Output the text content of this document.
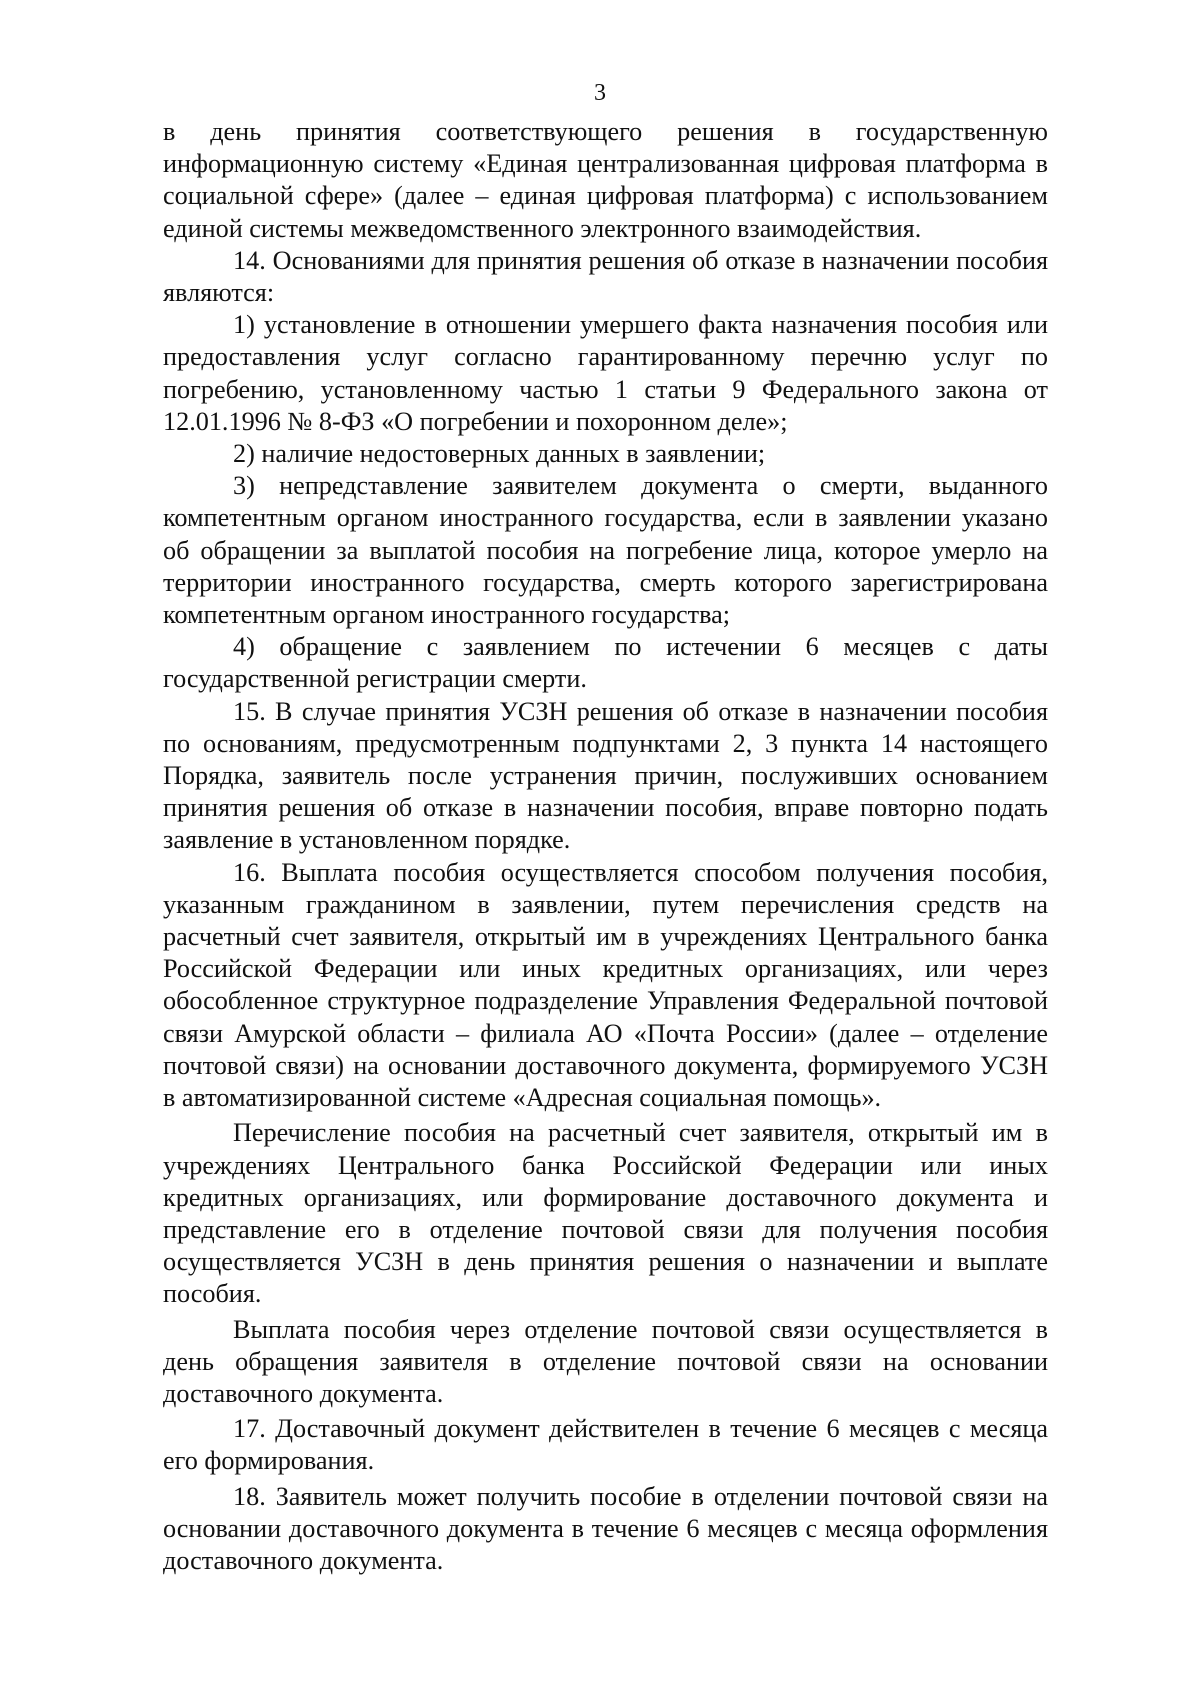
3

в день принятия соответствующего решения в государственную информационную систему «Единая централизованная цифровая платформа в социальной сфере» (далее – единая цифровая платформа) с использованием единой системы межведомственного электронного взаимодействия.

14. Основаниями для принятия решения об отказе в назначении пособия являются:

1) установление в отношении умершего факта назначения пособия или предоставления услуг согласно гарантированному перечню услуг по погребению, установленному частью 1 статьи 9 Федерального закона от 12.01.1996 № 8-ФЗ «О погребении и похоронном деле»;

2) наличие недостоверных данных в заявлении;

3) непредставление заявителем документа о смерти, выданного компетентным органом иностранного государства, если в заявлении указано об обращении за выплатой пособия на погребение лица, которое умерло на территории иностранного государства, смерть которого зарегистрирована компетентным органом иностранного государства;

4) обращение с заявлением по истечении 6 месяцев с даты государственной регистрации смерти.

15. В случае принятия УСЗН решения об отказе в назначении пособия по основаниям, предусмотренным подпунктами 2, 3 пункта 14 настоящего Порядка, заявитель после устранения причин, послуживших основанием принятия решения об отказе в назначении пособия, вправе повторно подать заявление в установленном порядке.

16. Выплата пособия осуществляется способом получения пособия, указанным гражданином в заявлении, путем перечисления средств на расчетный счет заявителя, открытый им в учреждениях Центрального банка Российской Федерации или иных кредитных организациях, или через обособленное структурное подразделение Управления Федеральной почтовой связи Амурской области – филиала АО «Почта России» (далее – отделение почтовой связи) на основании доставочного документа, формируемого УСЗН в автоматизированной системе «Адресная социальная помощь».

Перечисление пособия на расчетный счет заявителя, открытый им в учреждениях Центрального банка Российской Федерации или иных кредитных организациях, или формирование доставочного документа и представление его в отделение почтовой связи для получения пособия осуществляется УСЗН в день принятия решения о назначении и выплате пособия.

Выплата пособия через отделение почтовой связи осуществляется в день обращения заявителя в отделение почтовой связи на основании доставочного документа.

17. Доставочный документ действителен в течение 6 месяцев с месяца его формирования.

18. Заявитель может получить пособие в отделении почтовой связи на основании доставочного документа в течение 6 месяцев с месяца оформления доставочного документа.
